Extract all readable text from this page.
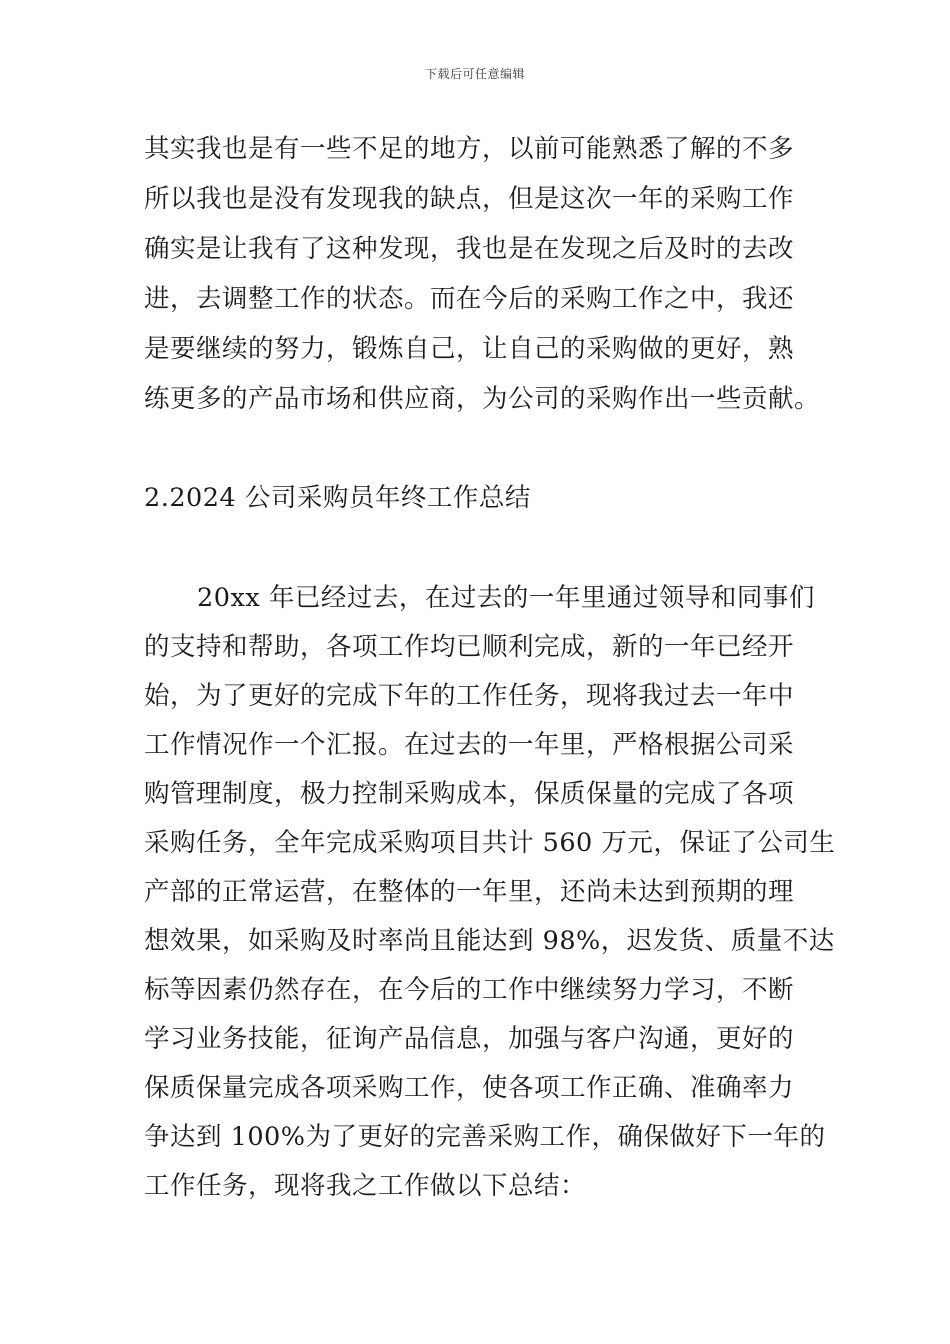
下载后可任意编辑
其实我也是有一些不足的地方，以前可能熟悉了解的不多
所以我也是没有发现我的缺点，但是这次一年的采购工作
确实是让我有了这种发现，我也是在发现之后及时的去改
进，去调整工作的状态。而在今后的采购工作之中，我还
是要继续的努力，锻炼自己，让自己的采购做的更好，熟
练更多的产品市场和供应商，为公司的采购作出一些贡献。
2.2024 公司采购员年终工作总结
20xx 年已经过去，在过去的一年里通过领导和同事们
的支持和帮助，各项工作均已顺利完成，新的一年已经开
始，为了更好的完成下年的工作任务，现将我过去一年中
工作情况作一个汇报。在过去的一年里，严格根据公司采
购管理制度，极力控制采购成本，保质保量的完成了各项
采购任务，全年完成采购项目共计 560 万元，保证了公司生
产部的正常运营，在整体的一年里，还尚未达到预期的理
想效果，如采购及时率尚且能达到 98%，迟发货、质量不达
标等因素仍然存在，在今后的工作中继续努力学习，不断
学习业务技能，征询产品信息，加强与客户沟通，更好的
保质保量完成各项采购工作，使各项工作正确、准确率力
争达到 100%为了更好的完善采购工作，确保做好下一年的
工作任务，现将我之工作做以下总结：
